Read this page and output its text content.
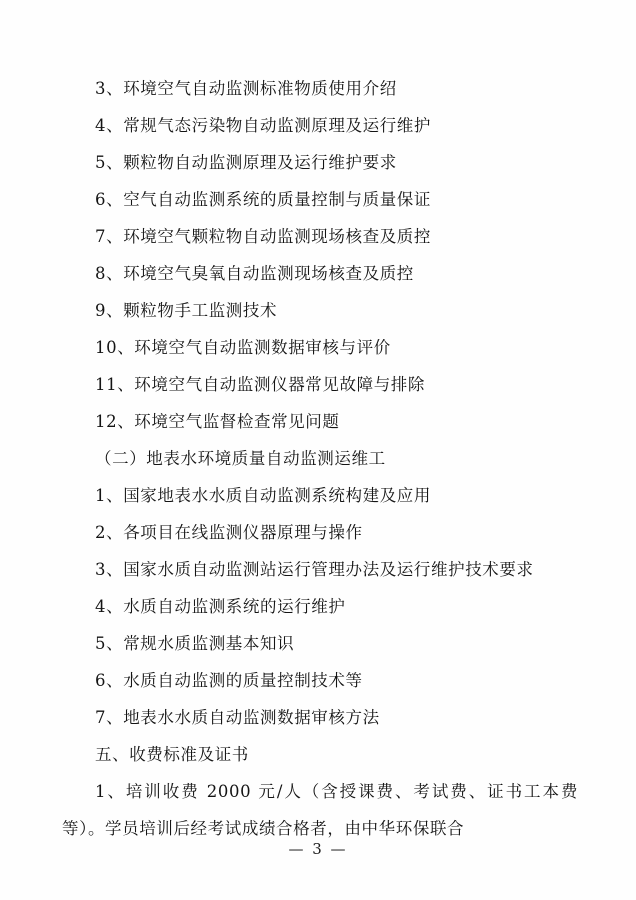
3、环境空气自动监测标准物质使用介绍

4、常规气态污染物自动监测原理及运行维护

5、颗粒物自动监测原理及运行维护要求

6、空气自动监测系统的质量控制与质量保证

7、环境空气颗粒物自动监测现场核查及质控

8、环境空气臭氧自动监测现场核查及质控

9、颗粒物手工监测技术

10、环境空气自动监测数据审核与评价

11、环境空气自动监测仪器常见故障与排除

12、环境空气监督检查常见问题

（二）地表水环境质量自动监测运维工

1、国家地表水水质自动监测系统构建及应用

2、各项目在线监测仪器原理与操作

3、国家水质自动监测站运行管理办法及运行维护技术要求

4、水质自动监测系统的运行维护

5、常规水质监测基本知识

6、水质自动监测的质量控制技术等

7、地表水水质自动监测数据审核方法

五、收费标准及证书

1、培训收费 2000 元/人（含授课费、考试费、证书工本费等）。学员培训后经考试成绩合格者，由中华环保联合

— 3 —
